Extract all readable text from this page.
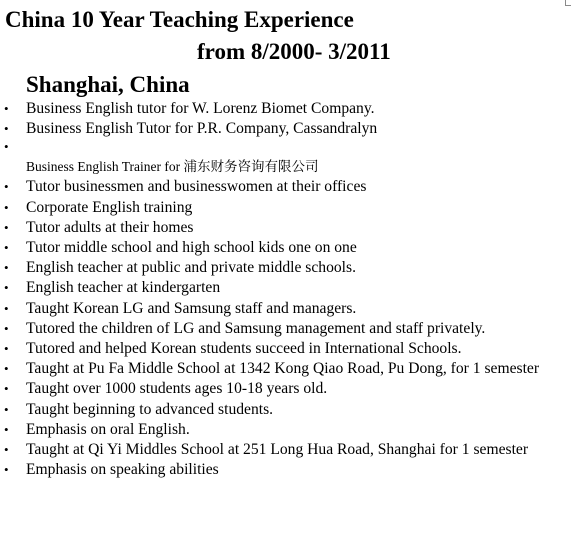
China 10 Year Teaching Experience
from 8/2000- 3/2011
Shanghai, China
• Business English tutor for W. Lorenz Biomet Company.
• Business English Tutor for P.R. Company, Cassandralyn
•
Business English Trainer for 浦东财务咨询有限公司
• Tutor businessmen and businesswomen at their offices
• Corporate English training
• Tutor adults at their homes
• Tutor middle school and high school kids one on one
• English teacher at public and private middle schools.
• English teacher at kindergarten
• Taught Korean LG and Samsung staff and managers.
• Tutored the children of LG and Samsung management and staff privately.
• Tutored and helped Korean students succeed in International Schools.
• Taught at Pu Fa Middle School at 1342 Kong Qiao Road, Pu Dong, for 1 semester
• Taught over 1000 students ages 10-18 years old.
• Taught beginning to advanced students.
• Emphasis on oral English.
• Taught at Qi Yi Middles School at 251 Long Hua Road, Shanghai for 1 semester
• Emphasis on speaking abilities
